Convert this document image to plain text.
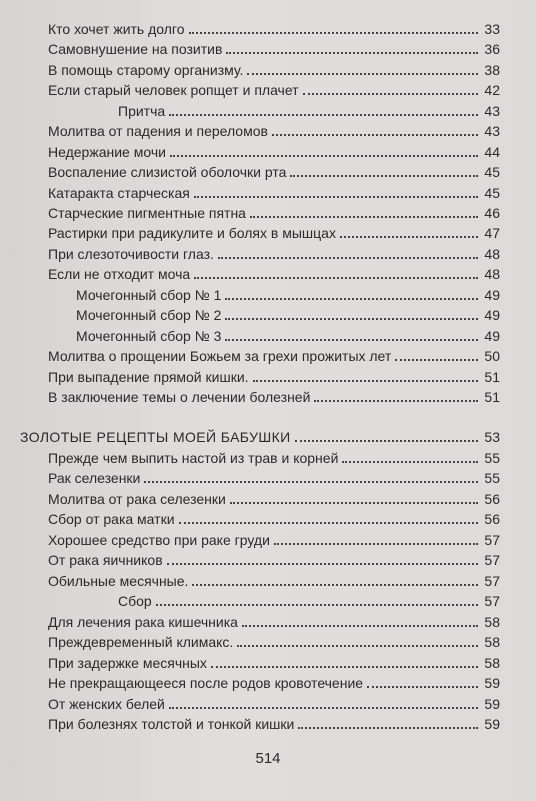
Кто хочет жить долго	33
Самовнушение на позитив	36
В помощь старому организму.	38
Если старый человек ропщет и плачет	42
Притча	43
Молитва от падения и переломов	43
Недержание мочи	44
Воспаление слизистой оболочки рта	45
Катаракта старческая	45
Старческие пигментные пятна	46
Растирки при радикулите и болях в мышцах	47
При слезоточивости глаз.	48
Если не отходит моча	48
Мочегонный сбор № 1	49
Мочегонный сбор № 2	49
Мочегонный сбор № 3	49
Молитва о прощении Божьем за грехи прожитых лет	50
При выпадение прямой кишки.	51
В заключение темы о лечении болезней	51
ЗОЛОТЫЕ РЕЦЕПТЫ МОЕЙ БАБУШКИ	53
Прежде чем выпить настой из трав и корней	55
Рак селезенки	55
Молитва от рака селезенки	56
Сбор от рака матки	56
Хорошее средство при раке груди	57
От рака яичников	57
Обильные месячные.	57
Сбор	57
Для лечения рака кишечника	58
Преждевременный климакс.	58
При задержке месячных	58
Не прекращающееся после родов кровотечение	59
От женских белей	59
При болезнях толстой и тонкой кишки	59
514
